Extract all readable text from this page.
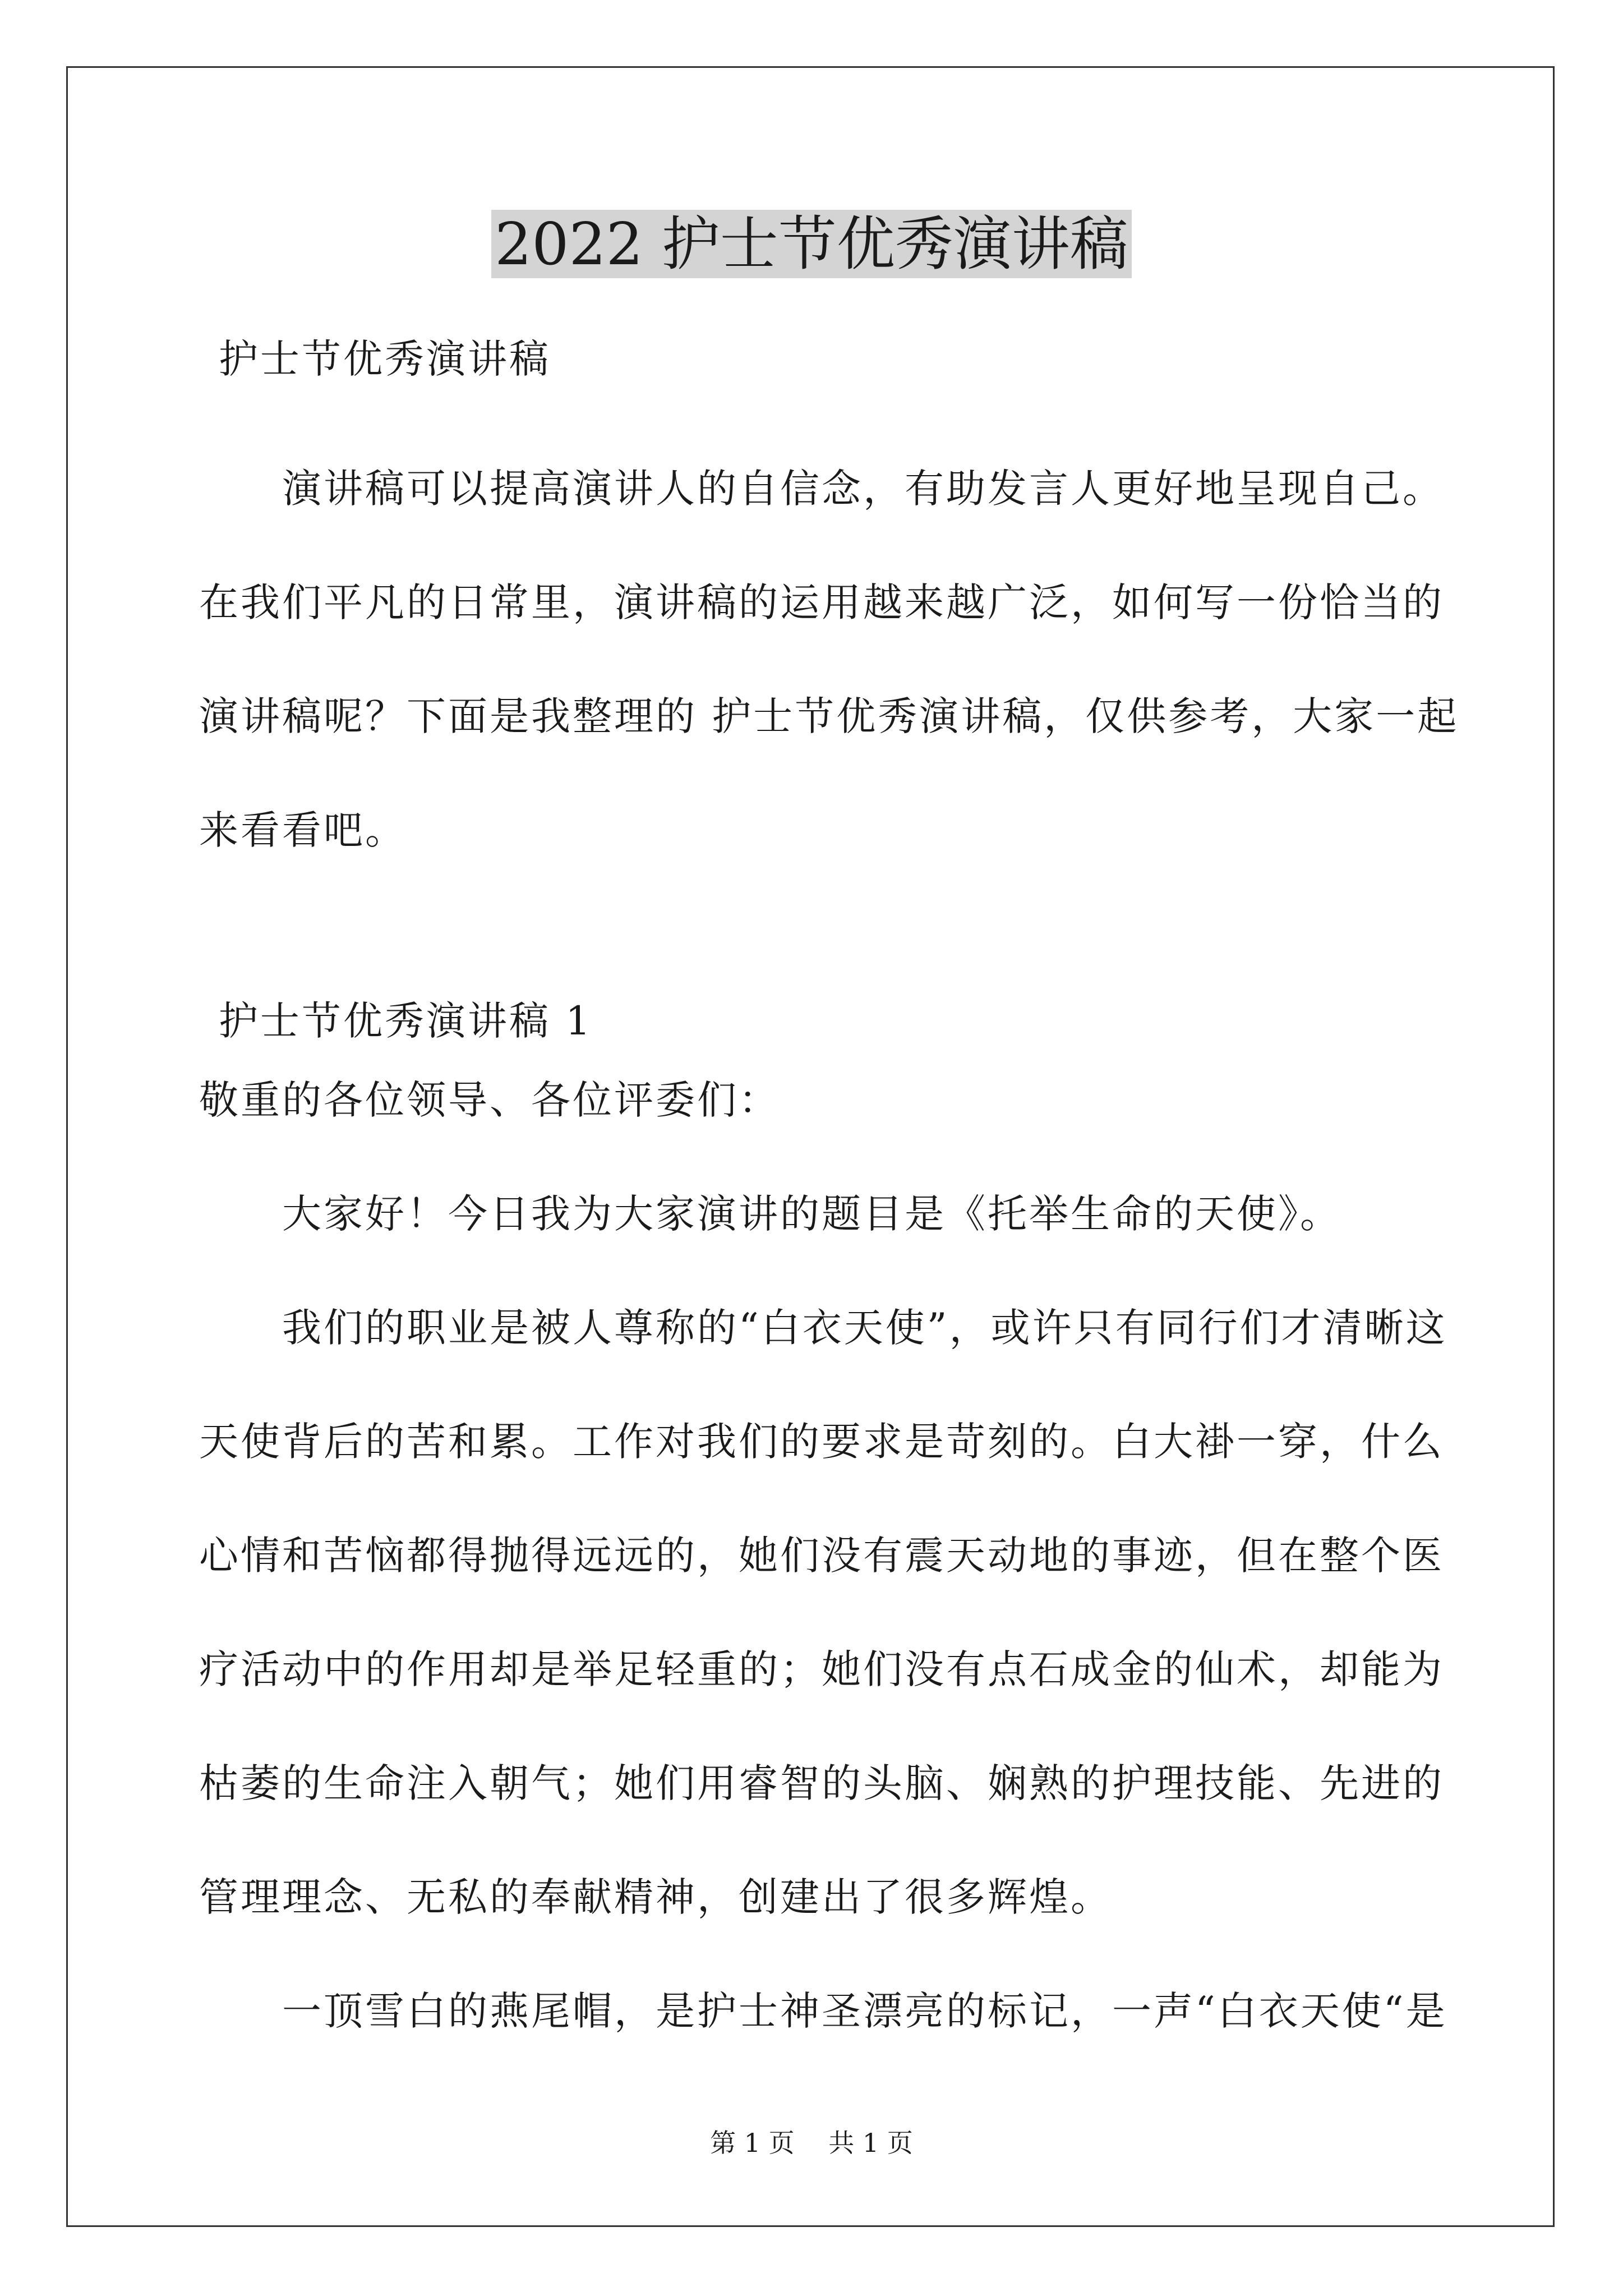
2022 护士节优秀演讲稿
护士节优秀演讲稿
　　演讲稿可以提高演讲人的自信念，有助发言人更好地呈现自己。
在我们平凡的日常里，演讲稿的运用越来越广泛，如何写一份恰当的
演讲稿呢？下面是我整理的 护士节优秀演讲稿，仅供参考，大家一起
来看看吧。
护士节优秀演讲稿 1
敬重的各位领导、各位评委们：
　　大家好！今日我为大家演讲的题目是《托举生命的天使》。
　　我们的职业是被人尊称的“白衣天使”，或许只有同行们才清晰这
天使背后的苦和累。工作对我们的要求是苛刻的。白大褂一穿，什么
心情和苦恼都得抛得远远的，她们没有震天动地的事迹，但在整个医
疗活动中的作用却是举足轻重的；她们没有点石成金的仙术，却能为
枯萎的生命注入朝气；她们用睿智的头脑、娴熟的护理技能、先进的
管理理念、无私的奉献精神，创建出了很多辉煌。
　　一顶雪白的燕尾帽，是护士神圣漂亮的标记，一声“白衣天使“是
第 1 页　 共 1 页
